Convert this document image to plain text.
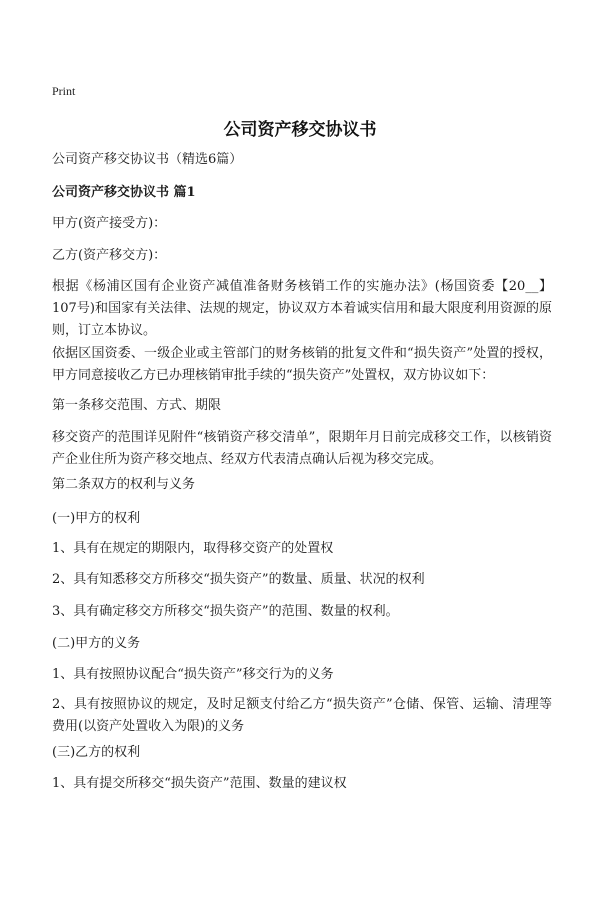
Print
公司资产移交协议书
公司资产移交协议书（精选6篇）
公司资产移交协议书 篇1
甲方(资产接受方)：
乙方(资产移交方)：
根据《杨浦区国有企业资产减值准备财务核销工作的实施办法》(杨国资委【20__】107号)和国家有关法律、法规的规定，协议双方本着诚实信用和最大限度利用资源的原则，订立本协议。
依据区国资委、一级企业或主管部门的财务核销的批复文件和“损失资产”处置的授权，甲方同意接收乙方已办理核销审批手续的“损失资产”处置权，双方协议如下：
第一条移交范围、方式、期限
移交资产的范围详见附件“核销资产移交清单”，限期年月日前完成移交工作，以核销资产企业住所为资产移交地点、经双方代表清点确认后视为移交完成。
第二条双方的权利与义务
(一)甲方的权利
1、具有在规定的期限内，取得移交资产的处置权
2、具有知悉移交方所移交“损失资产”的数量、质量、状况的权利
3、具有确定移交方所移交“损失资产”的范围、数量的权利。
(二)甲方的义务
1、具有按照协议配合“损失资产”移交行为的义务
2、具有按照协议的规定，及时足额支付给乙方“损失资产”仓储、保管、运输、清理等费用(以资产处置收入为限)的义务
(三)乙方的权利
1、具有提交所移交“损失资产”范围、数量的建议权
